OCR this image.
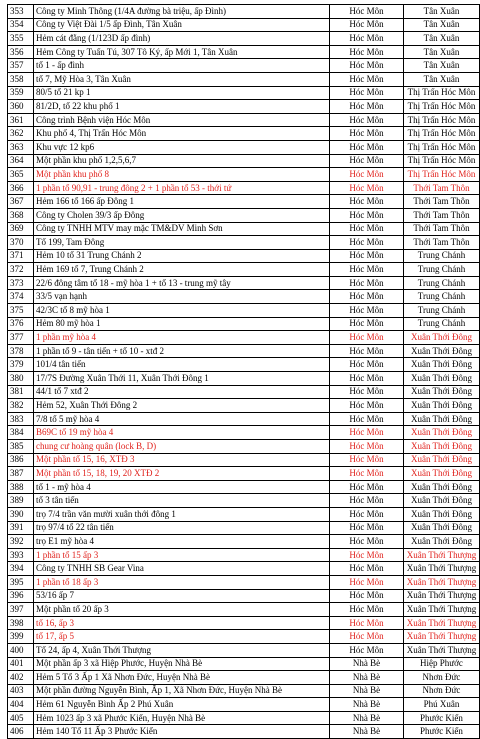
353	Công ty Minh Thông (1/4A đường bà triệu, ấp Đình)	Hóc Môn	Tân Xuân
354	Công ty Việt Đài 1/5 ấp Đình, Tân Xuân	Hóc Môn	Tân Xuân
355	Hẻm cát đằng (1/123D ấp đình)	Hóc Môn	Tân Xuân
356	Hẻm Công ty Tuấn Tú, 307 Tô Ký, ấp Mới 1, Tân Xuân	Hóc Môn	Tân Xuân
357	tổ 1 - ấp đình	Hóc Môn	Tân Xuân
358	tổ 7, Mỹ Hòa 3, Tân Xuân	Hóc Môn	Tân Xuân
359	80/5 tổ 21 kp 1	Hóc Môn	Thị Trấn Hóc Môn
360	81/2D, tổ 22 khu phố 1	Hóc Môn	Thị Trấn Hóc Môn
361	Công trình Bệnh viện Hóc Môn	Hóc Môn	Thị Trấn Hóc Môn
362	Khu phố 4, Thị Trấn Hóc Môn	Hóc Môn	Thị Trấn Hóc Môn
363	Khu vực 12 kp6	Hóc Môn	Thị Trấn Hóc Môn
364	Một phần khu phố 1,2,5,6,7	Hóc Môn	Thị Trấn Hóc Môn
365	Một phần khu phố 8	Hóc Môn	Thị Trấn Hóc Môn
366	1 phần tổ 90,91 - trung đông 2 + 1 phần tổ 53 - thới tứ	Hóc Môn	Thới Tam Thôn
367	Hẻm 166 tổ 166 ấp Đông 1	Hóc Môn	Thới Tam Thôn
368	Công ty Cholen 39/3 ấp Đông	Hóc Môn	Thới Tam Thôn
369	Công ty TNHH MTV may mặc TM&DV Minh Sơn	Hóc Môn	Thới Tam Thôn
370	Tổ 199, Tam Đông	Hóc Môn	Thới Tam Thôn
371	Hẻm 10 tổ 31 Trung Chánh 2	Hóc Môn	Trung Chánh
372	Hẻm 169 tổ 7, Trung Chánh 2	Hóc Môn	Trung Chánh
373	22/6 đông tâm tổ 18 - mỹ hòa 1 + tổ 13 - trung mỹ tây	Hóc Môn	Trung Chánh
374	33/5 vạn hạnh	Hóc Môn	Trung Chánh
375	42/3C tổ 8 mỹ hòa 1	Hóc Môn	Trung Chánh
376	Hẻm 80 mỹ hòa 1	Hóc Môn	Trung Chánh
377	1 phần mỹ hòa 4	Hóc Môn	Xuân Thới Đông
378	1 phần tổ 9 - tân tiến + tổ 10 - xtđ 2	Hóc Môn	Xuân Thới Đông
379	101/4 tân tiến	Hóc Môn	Xuân Thới Đông
380	17/7S Đường Xuân Thới 11, Xuân Thới Đông 1	Hóc Môn	Xuân Thới Đông
381	44/1 tổ 7 xtđ 2	Hóc Môn	Xuân Thới Đông
382	Hẻm 52, Xuân Thới Đông 2	Hóc Môn	Xuân Thới Đông
383	7/8 tổ 5 mỹ hòa 4	Hóc Môn	Xuân Thới Đông
384	B69C tổ 19 mỹ hòa 4	Hóc Môn	Xuân Thới Đông
385	chung cư hoàng quân (lock B, D)	Hóc Môn	Xuân Thới Đông
386	Một phần tổ 15, 16, XTĐ 3	Hóc Môn	Xuân Thới Đông
387	Một phần tổ 15, 18, 19, 20 XTĐ 2	Hóc Môn	Xuân Thới Đông
388	tổ 1 - mỹ hòa 4	Hóc Môn	Xuân Thới Đông
389	tổ 3 tân tiến	Hóc Môn	Xuân Thới Đông
390	trọ 7/4 trần văn mười xuân thới đông 1	Hóc Môn	Xuân Thới Đông
391	trọ 97/4 tổ 22 tân tiến	Hóc Môn	Xuân Thới Đông
392	trọ E1 mỹ hòa 4	Hóc Môn	Xuân Thới Đông
393	1 phần tổ 15 ấp 3	Hóc Môn	Xuân Thới Thượng
394	Công ty TNHH SB Gear Vina	Hóc Môn	Xuân Thới Thượng
395	1 phần tổ 18 ấp 3	Hóc Môn	Xuân Thới Thượng
396	53/16 ấp 7	Hóc Môn	Xuân Thới Thượng
397	Một phần tổ 20 ấp 3	Hóc Môn	Xuân Thới Thượng
398	tổ 16, ấp 3	Hóc Môn	Xuân Thới Thượng
399	tổ 17, ấp 5	Hóc Môn	Xuân Thới Thượng
400	Tổ 24, ấp 4, Xuân Thới Thượng	Hóc Môn	Xuân Thới Thượng
401	Một phần ấp 3 xã Hiệp Phước, Huyện Nhà Bè	Nhà Bè	Hiệp Phước
402	Hẻm 5 Tổ 3 Ấp 1 Xã Nhơn Đức, Huyện Nhà Bè	Nhà Bè	Nhơn Đức
403	Một phần đường Nguyễn Bình, Ấp 1, Xã Nhơn Đức, Huyện Nhà Bè	Nhà Bè	Nhơn Đức
404	Hẻm 61 Nguyễn Bình Ấp 2 Phú Xuân	Nhà Bè	Phú Xuân
405	Hẻm 1023 ấp 3 xã Phước Kiển, Huyện Nhà Bè	Nhà Bè	Phước Kiển
406	Hẻm 140 Tổ 11 Ấp 3 Phước Kiển	Nhà Bè	Phước Kiển
